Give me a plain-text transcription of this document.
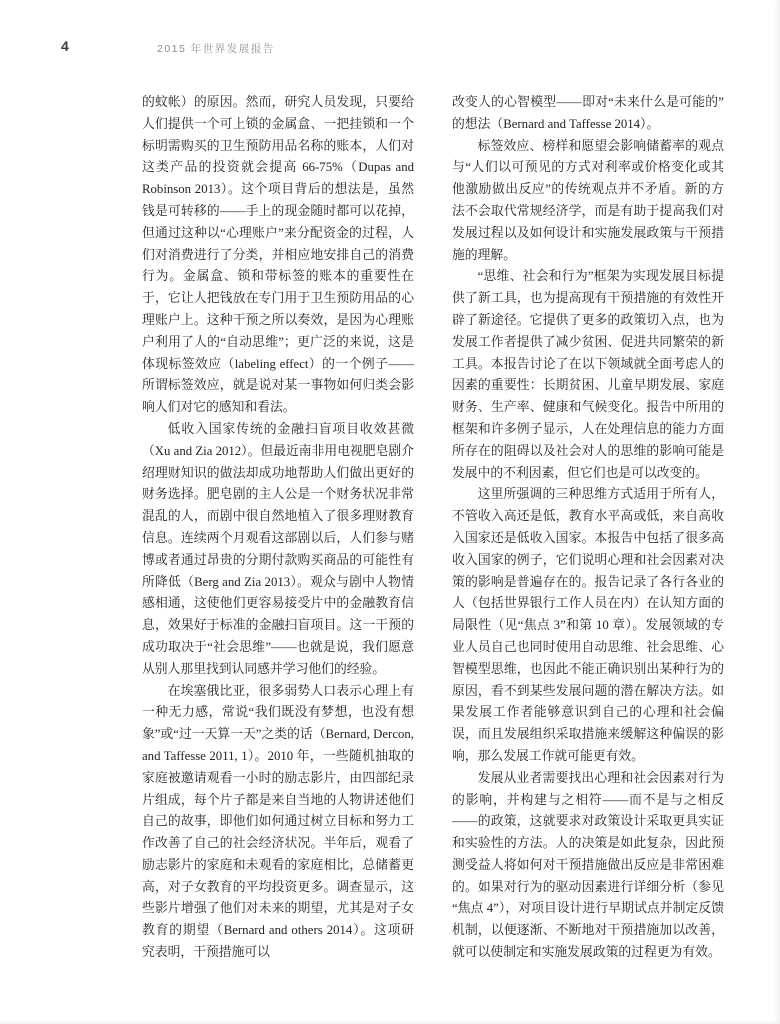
4	2015 年世界发展报告

的蚊帐）的原因。然而，研究人员发现，只要给人们提供一个可上锁的金属盒、一把挂锁和一个标明需购买的卫生预防用品名称的账本，人们对这类产品的投资就会提高 66-75%（Dupas and Robinson 2013）。这个项目背后的想法是，虽然钱是可转移的——手上的现金随时都可以花掉，但通过这种以“心理账户”来分配资金的过程，人们对消费进行了分类，并相应地安排自己的消费行为。金属盒、锁和带标签的账本的重要性在于，它让人把钱放在专门用于卫生预防用品的心理账户上。这种干预之所以奏效，是因为心理账户利用了人的“自动思维”；更广泛的来说，这是体现标签效应（labeling effect）的一个例子——所谓标签效应，就是说对某一事物如何归类会影响人们对它的感知和看法。

低收入国家传统的金融扫盲项目收效甚微（Xu and Zia 2012）。但最近南非用电视肥皂剧介绍理财知识的做法却成功地帮助人们做出更好的财务选择。肥皂剧的主人公是一个财务状况非常混乱的人，而剧中很自然地植入了很多理财教育信息。连续两个月观看这部剧以后，人们参与赌博或者通过昂贵的分期付款购买商品的可能性有所降低（Berg and Zia 2013）。观众与剧中人物情感相通，这使他们更容易接受片中的金融教育信息，效果好于标准的金融扫盲项目。这一干预的成功取决于“社会思维”——也就是说，我们愿意从别人那里找到认同感并学习他们的经验。

在埃塞俄比亚，很多弱势人口表示心理上有一种无力感，常说“我们既没有梦想，也没有想象”或“过一天算一天”之类的话（Bernard, Dercon, and Taffesse 2011, 1）。2010 年，一些随机抽取的家庭被邀请观看一小时的励志影片，由四部纪录片组成，每个片子都是来自当地的人物讲述他们自己的故事，即他们如何通过树立目标和努力工作改善了自己的社会经济状况。半年后，观看了励志影片的家庭和未观看的家庭相比，总储蓄更高，对子女教育的平均投资更多。调查显示，这些影片增强了他们对未来的期望，尤其是对子女教育的期望（Bernard and others 2014）。这项研究表明，干预措施可以

改变人的心智模型——即对“未来什么是可能的”的想法（Bernard and Taffesse 2014）。

标签效应、榜样和愿望会影响储蓄率的观点与“人们以可预见的方式对利率或价格变化或其他激励做出反应”的传统观点并不矛盾。新的方法不会取代常规经济学，而是有助于提高我们对发展过程以及如何设计和实施发展政策与干预措施的理解。

“思维、社会和行为”框架为实现发展目标提供了新工具，也为提高现有干预措施的有效性开辟了新途径。它提供了更多的政策切入点，也为发展工作者提供了减少贫困、促进共同繁荣的新工具。本报告讨论了在以下领域就全面考虑人的因素的重要性：长期贫困、儿童早期发展、家庭财务、生产率、健康和气候变化。报告中所用的框架和许多例子显示，人在处理信息的能力方面所存在的阻碍以及社会对人的思维的影响可能是发展中的不利因素，但它们也是可以改变的。

这里所强调的三种思维方式适用于所有人，不管收入高还是低，教育水平高或低，来自高收入国家还是低收入国家。本报告中包括了很多高收入国家的例子，它们说明心理和社会因素对决策的影响是普遍存在的。报告记录了各行各业的人（包括世界银行工作人员在内）在认知方面的局限性（见“焦点 3”和第 10 章）。发展领域的专业人员自己也同时使用自动思维、社会思维、心智模型思维，也因此不能正确识别出某种行为的原因，看不到某些发展问题的潜在解决方法。如果发展工作者能够意识到自己的心理和社会偏误，而且发展组织采取措施来缓解这种偏误的影响，那么发展工作就可能更有效。

发展从业者需要找出心理和社会因素对行为的影响，并构建与之相符——而不是与之相反——的政策，这就要求对政策设计采取更具实证和实验性的方法。人的决策是如此复杂，因此预测受益人将如何对干预措施做出反应是非常困难的。如果对行为的驱动因素进行详细分析（参见“焦点 4”），对项目设计进行早期试点并制定反馈机制，以便逐渐、不断地对干预措施加以改善，就可以使制定和实施发展政策的过程更为有效。
